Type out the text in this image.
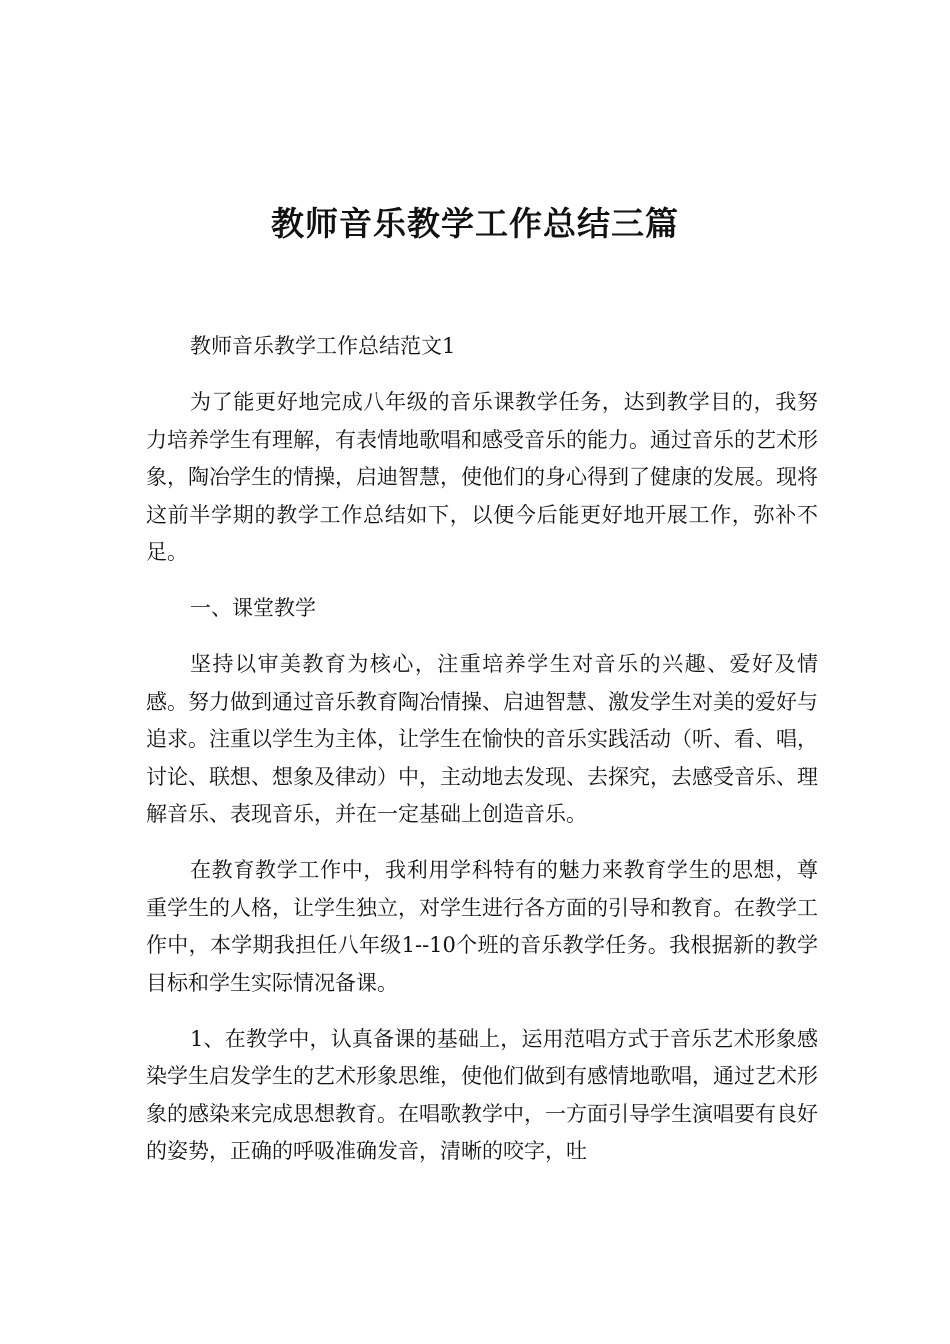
教师音乐教学工作总结三篇

教师音乐教学工作总结范文1

为了能更好地完成八年级的音乐课教学任务，达到教学目的，我努力培养学生有理解，有表情地歌唱和感受音乐的能力。通过音乐的艺术形象，陶冶学生的情操，启迪智慧，使他们的身心得到了健康的发展。现将这前半学期的教学工作总结如下，以便今后能更好地开展工作，弥补不足。

一、课堂教学

坚持以审美教育为核心，注重培养学生对音乐的兴趣、爱好及情感。努力做到通过音乐教育陶冶情操、启迪智慧、激发学生对美的爱好与追求。注重以学生为主体，让学生在愉快的音乐实践活动（听、看、唱，讨论、联想、想象及律动）中，主动地去发现、去探究，去感受音乐、理解音乐、表现音乐，并在一定基础上创造音乐。

在教育教学工作中，我利用学科特有的魅力来教育学生的思想，尊重学生的人格，让学生独立，对学生进行各方面的引导和教育。在教学工作中，本学期我担任八年级1--10个班的音乐教学任务。我根据新的教学目标和学生实际情况备课。

1、在教学中，认真备课的基础上，运用范唱方式于音乐艺术形象感染学生启发学生的艺术形象思维，使他们做到有感情地歌唱，通过艺术形象的感染来完成思想教育。在唱歌教学中，一方面引导学生演唱要有良好的姿势，正确的呼吸准确发音，清晰的咬字，吐
